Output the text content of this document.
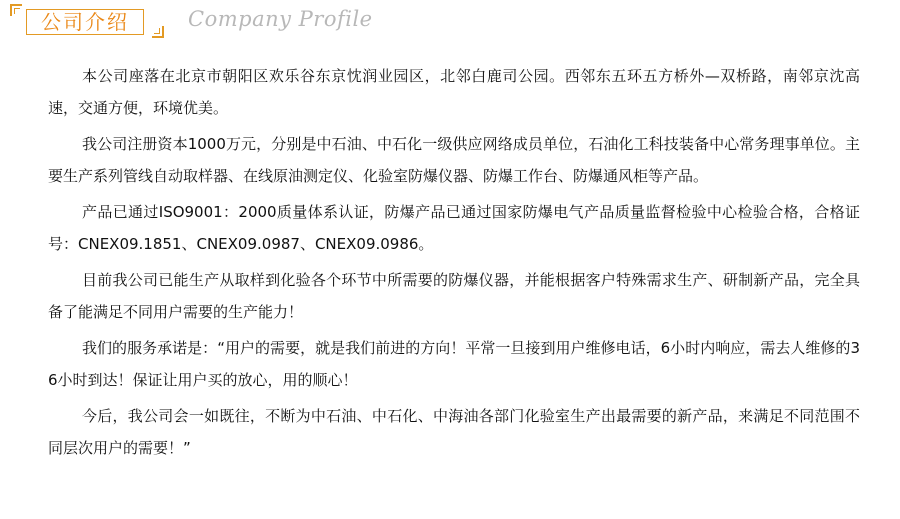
公司介绍	Company Profile

本公司座落在北京市朝阳区欢乐谷东京忱润业园区，北邻白鹿司公园。西邻东五环五方桥外—双桥路，南邻京沈高速，交通方便，环境优美。

我公司注册资本1000万元，分别是中石油、中石化一级供应网络成员单位，石油化工科技装备中心常务理事单位。主要生产系列管线自动取样器、在线原油测定仪、化验室防爆仪器、防爆工作台、防爆通风柜等产品。

产品已通过ISO9001：2000质量体系认证，防爆产品已通过国家防爆电气产品质量监督检验中心检验合格，合格证号：CNEX09.1851、CNEX09.0987、CNEX09.0986。

目前我公司已能生产从取样到化验各个环节中所需要的防爆仪器，并能根据客户特殊需求生产、研制新产品，完全具备了能满足不同用户需要的生产能力！

我们的服务承诺是：“用户的需要，就是我们前进的方向！平常一旦接到用户维修电话，6小时内响应，需去人维修的36小时到达！保证让用户买的放心，用的顺心！

今后，我公司会一如既往，不断为中石油、中石化、中海油各部门化验室生产出最需要的新产品，来满足不同范围不同层次用户的需要！”
